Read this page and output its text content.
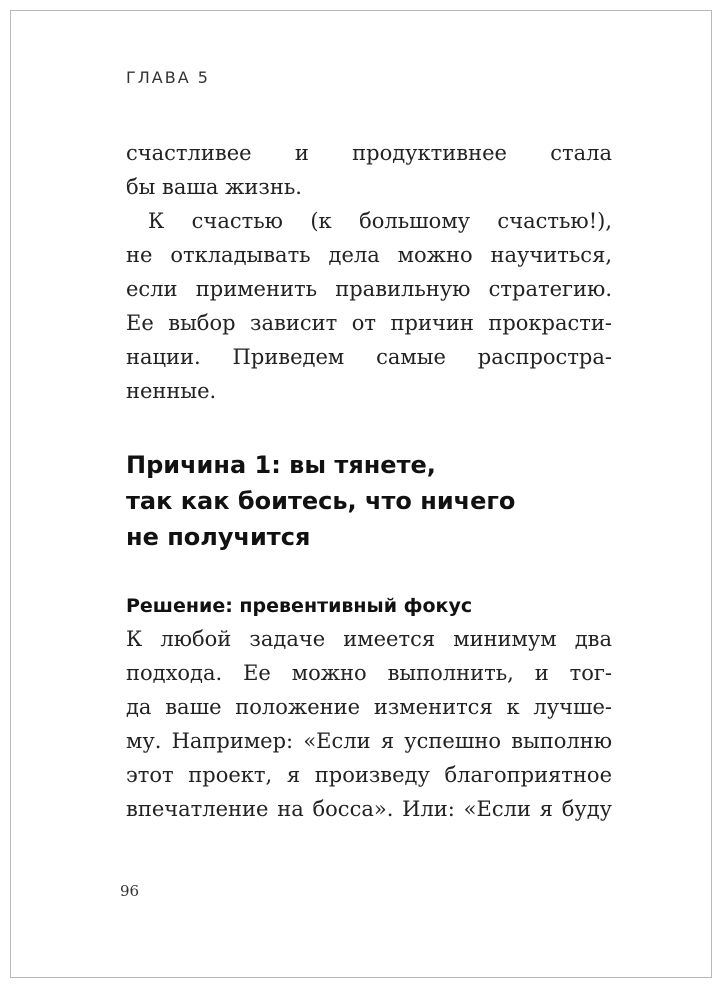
ГЛАВА 5
счастливее и продуктивнее стала
бы ваша жизнь.
К счастью (к большому счастью!),
не откладывать дела можно научиться,
если применить правильную стратегию.
Ее выбор зависит от причин прокрасти-
нации. Приведем самые распростра-
ненные.
Причина 1: вы тянете,
так как боитесь, что ничего
не получится
Решение: превентивный фокус
К любой задаче имеется минимум два
подхода. Ее можно выполнить, и тог-
да ваше положение изменится к лучше-
му. Например: «Если я успешно выполню
этот проект, я произведу благоприятное
впечатление на босса». Или: «Если я буду
96
